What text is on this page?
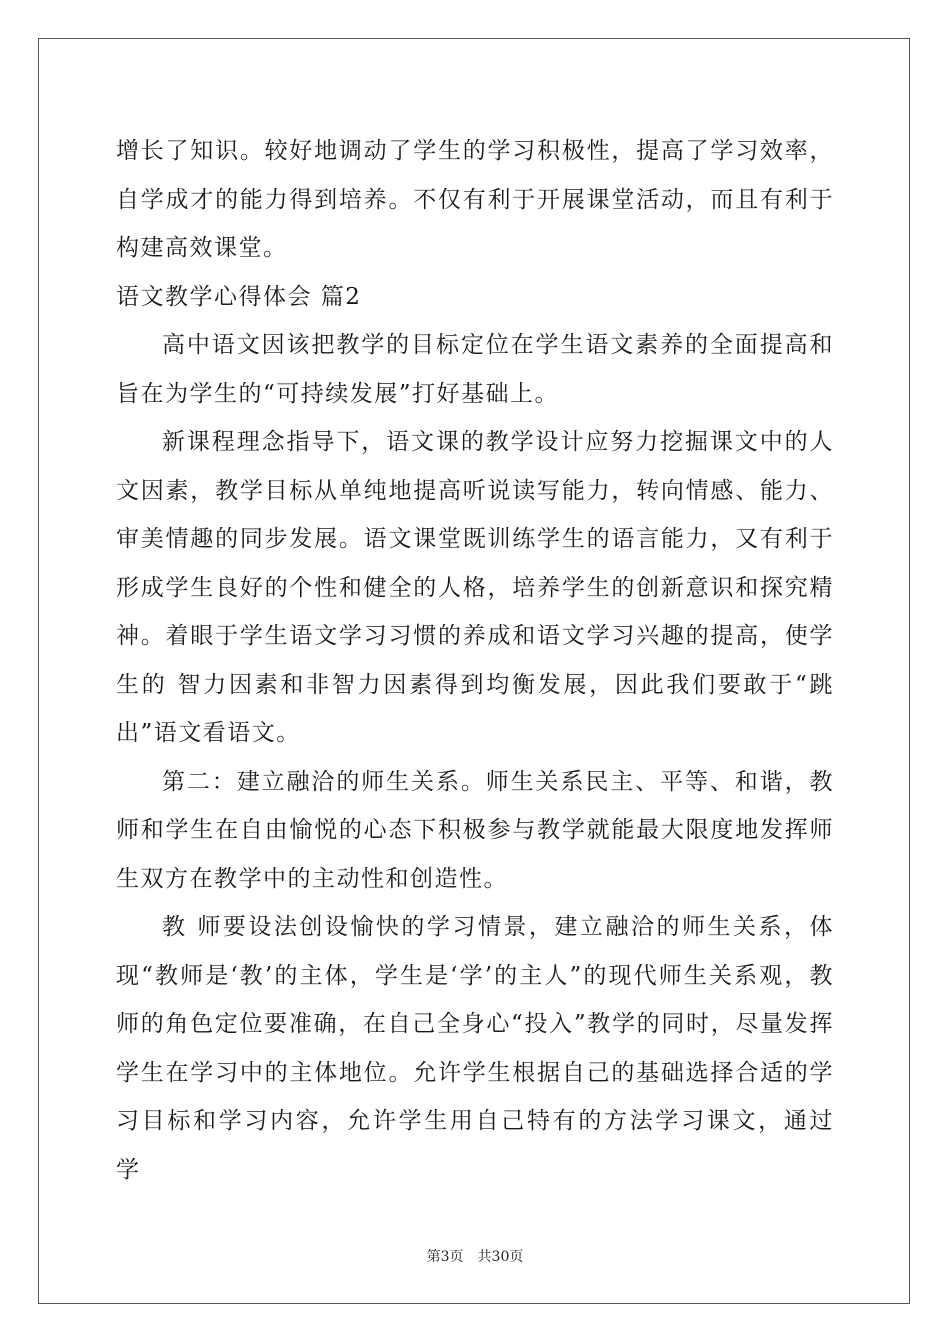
增长了知识。较好地调动了学生的学习积极性，提高了学习效率，自学成才的能力得到培养。不仅有利于开展课堂活动，而且有利于构建高效课堂。

语文教学心得体会 篇2

高中语文因该把教学的目标定位在学生语文素养的全面提高和旨在为学生的“可持续发展”打好基础上。

新课程理念指导下，语文课的教学设计应努力挖掘课文中的人文因素，教学目标从单纯地提高听说读写能力，转向情感、能力、审美情趣的同步发展。语文课堂既训练学生的语言能力，又有利于形成学生良好的个性和健全的人格，培养学生的创新意识和探究精神。着眼于学生语文学习习惯的养成和语文学习兴趣的提高，使学生的 智力因素和非智力因素得到均衡发展，因此我们要敢于“跳出”语文看语文。

第二：建立融洽的师生关系。师生关系民主、平等、和谐，教师和学生在自由愉悦的心态下积极参与教学就能最大限度地发挥师生双方在教学中的主动性和创造性。

教 师要设法创设愉快的学习情景，建立融洽的师生关系，体现“教师是‘教’的主体，学生是‘学’的主人”的现代师生关系观，教师的角色定位要准确，在自己全身心“投入”教学的同时，尽量发挥学生在学习中的主体地位。允许学生根据自己的基础选择合适的学习目标和学习内容，允许学生用自己特有的方法学习课文，通过 学

第3页　共30页
